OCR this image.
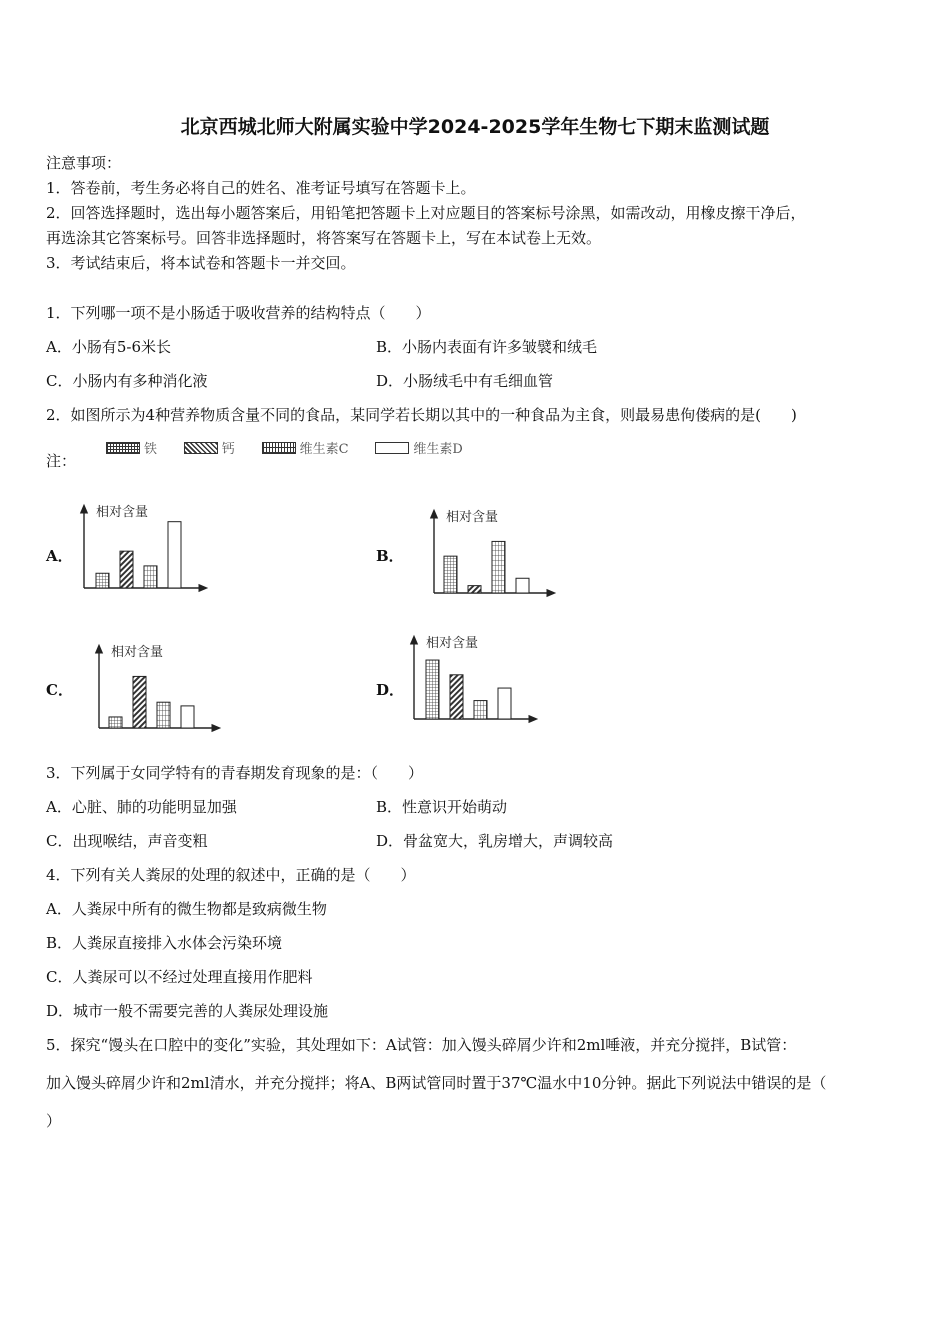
北京西城北师大附属实验中学2024-2025学年生物七下期末监测试题
注意事项：
1．答卷前，考生务必将自己的姓名、准考证号填写在答题卡上。
2．回答选择题时，选出每小题答案后，用铅笔把答题卡上对应题目的答案标号涂黑，如需改动，用橡皮擦干净后，
再选涂其它答案标号。回答非选择题时，将答案写在答题卡上，写在本试卷上无效。
3．考试结束后，将本试卷和答题卡一并交回。
1．下列哪一项不是小肠适于吸收营养的结构特点（　　）
A．小肠有5-6米长	B．小肠内表面有许多皱襞和绒毛
C．小肠内有多种消化液	D．小肠绒毛中有毛细血管
2．如图所示为4种营养物质含量不同的食品，某同学若长期以其中的一种食品为主食，则最易患佝偻病的是(　　)
注：
铁
	钙
	维生素C
	维生素D
A．	B．
C．	D．
相对含量	相对含量
相对含量
相对含量
3．下列属于女同学特有的青春期发育现象的是：（　　）
A．心脏、肺的功能明显加强	B．性意识开始萌动
C．出现喉结，声音变粗	D．骨盆宽大，乳房增大，声调较高
4．下列有关人粪尿的处理的叙述中，正确的是（　　）
A．人粪尿中所有的微生物都是致病微生物
B．人粪尿直接排入水体会污染环境
C．人粪尿可以不经过处理直接用作肥料
D．城市一般不需要完善的人粪尿处理设施
5．探究“馒头在口腔中的变化”实验，其处理如下：A试管：加入馒头碎屑少许和2ml唾液，并充分搅拌，B试管：
加入馒头碎屑少许和2ml清水，并充分搅拌；将A、B两试管同时置于37℃温水中10分钟。据此下列说法中错误的是（
）
